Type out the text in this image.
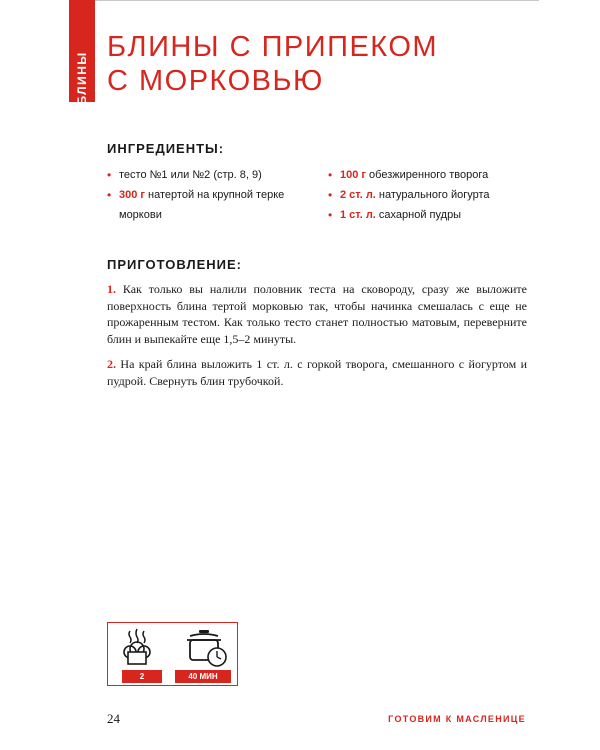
БЛИНЫ
БЛИНЫ С ПРИПЕКОМ
С МОРКОВЬЮ
ИНГРЕДИЕНТЫ:
• тесто №1 или №2 (стр. 8, 9)
• 300 г натертой на крупной терке моркови
• 100 г обезжиренного творога
• 2 ст. л. натурального йогурта
• 1 ст. л. сахарной пудры
ПРИГОТОВЛЕНИЕ:

1. Как только вы налили половник теста на сковороду, сразу же выложите поверхность блина тертой морковью так, чтобы начинка смешалась с еще не прожаренным тестом. Как только тесто станет полностью матовым, переверните блин и выпекайте еще 1,5–2 минуты.

2. На край блина выложить 1 ст. л. с горкой творога, смешанного с йогуртом и пудрой. Свернуть блин трубочкой.

2	40 МИН
24	ГОТОВИМ К МАСЛЕНИЦЕ
